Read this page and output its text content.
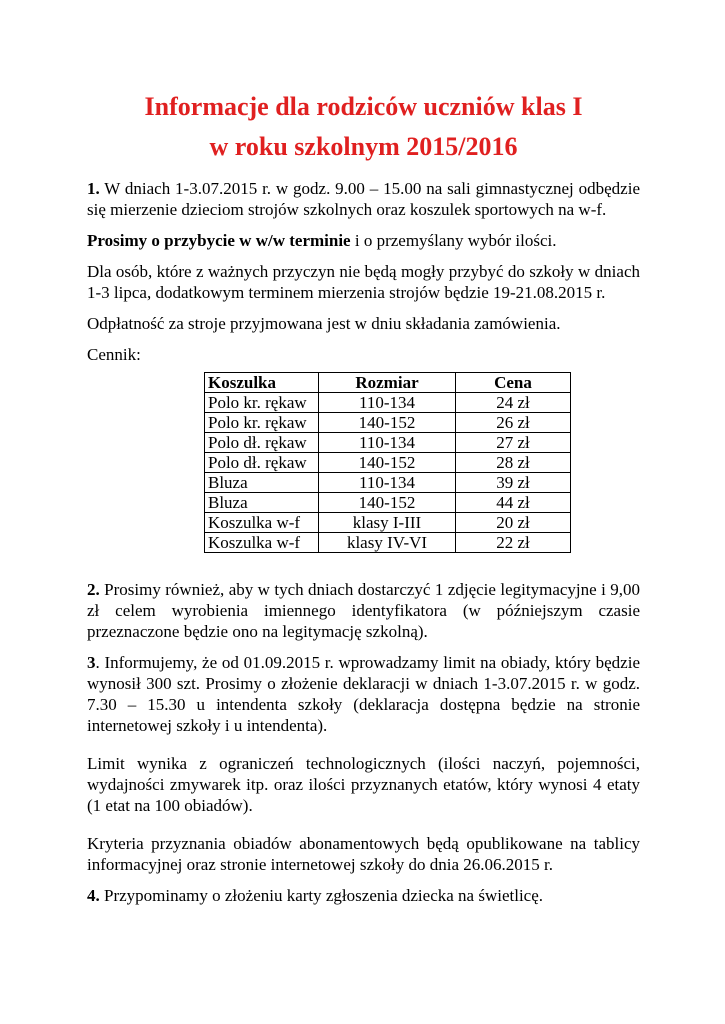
Informacje dla rodziców uczniów klas I
w roku szkolnym 2015/2016

1. W dniach 1-3.07.2015 r. w godz. 9.00 – 15.00 na sali gimnastycznej odbędzie się mierzenie dzieciom strojów szkolnych oraz koszulek sportowych na w-f.

Prosimy o przybycie w w/w terminie i o przemyślany wybór ilości.

Dla osób, które z ważnych przyczyn nie będą mogły przybyć do szkoły w dniach 1-3 lipca, dodatkowym terminem mierzenia strojów będzie 19-21.08.2015 r.

Odpłatność za stroje przyjmowana jest w dniu składania zamówienia.

Cennik:

Koszulka	Rozmiar	Cena
Polo kr. rękaw	110-134	24 zł
Polo kr. rękaw	140-152	26 zł
Polo dł. rękaw	110-134	27 zł
Polo dł. rękaw	140-152	28 zł
Bluza	110-134	39 zł
Bluza	140-152	44 zł
Koszulka w-f	klasy I-III	20 zł
Koszulka w-f	klasy IV-VI	22 zł

2. Prosimy również, aby w tych dniach dostarczyć 1 zdjęcie legitymacyjne i 9,00 zł celem wyrobienia imiennego identyfikatora (w późniejszym czasie przeznaczone będzie ono na legitymację szkolną).

3. Informujemy, że od 01.09.2015 r. wprowadzamy limit na obiady, który będzie wynosił 300 szt. Prosimy o złożenie deklaracji w dniach 1-3.07.2015 r. w godz. 7.30 – 15.30 u intendenta szkoły (deklaracja dostępna będzie na stronie internetowej szkoły i u intendenta).

Limit wynika z ograniczeń technologicznych (ilości naczyń, pojemności, wydajności zmywarek itp. oraz ilości przyznanych etatów, który wynosi 4 etaty (1 etat na 100 obiadów).

Kryteria przyznania obiadów abonamentowych będą opublikowane na tablicy informacyjnej oraz stronie internetowej szkoły do dnia 26.06.2015 r.

4. Przypominamy o złożeniu karty zgłoszenia dziecka na świetlicę.
